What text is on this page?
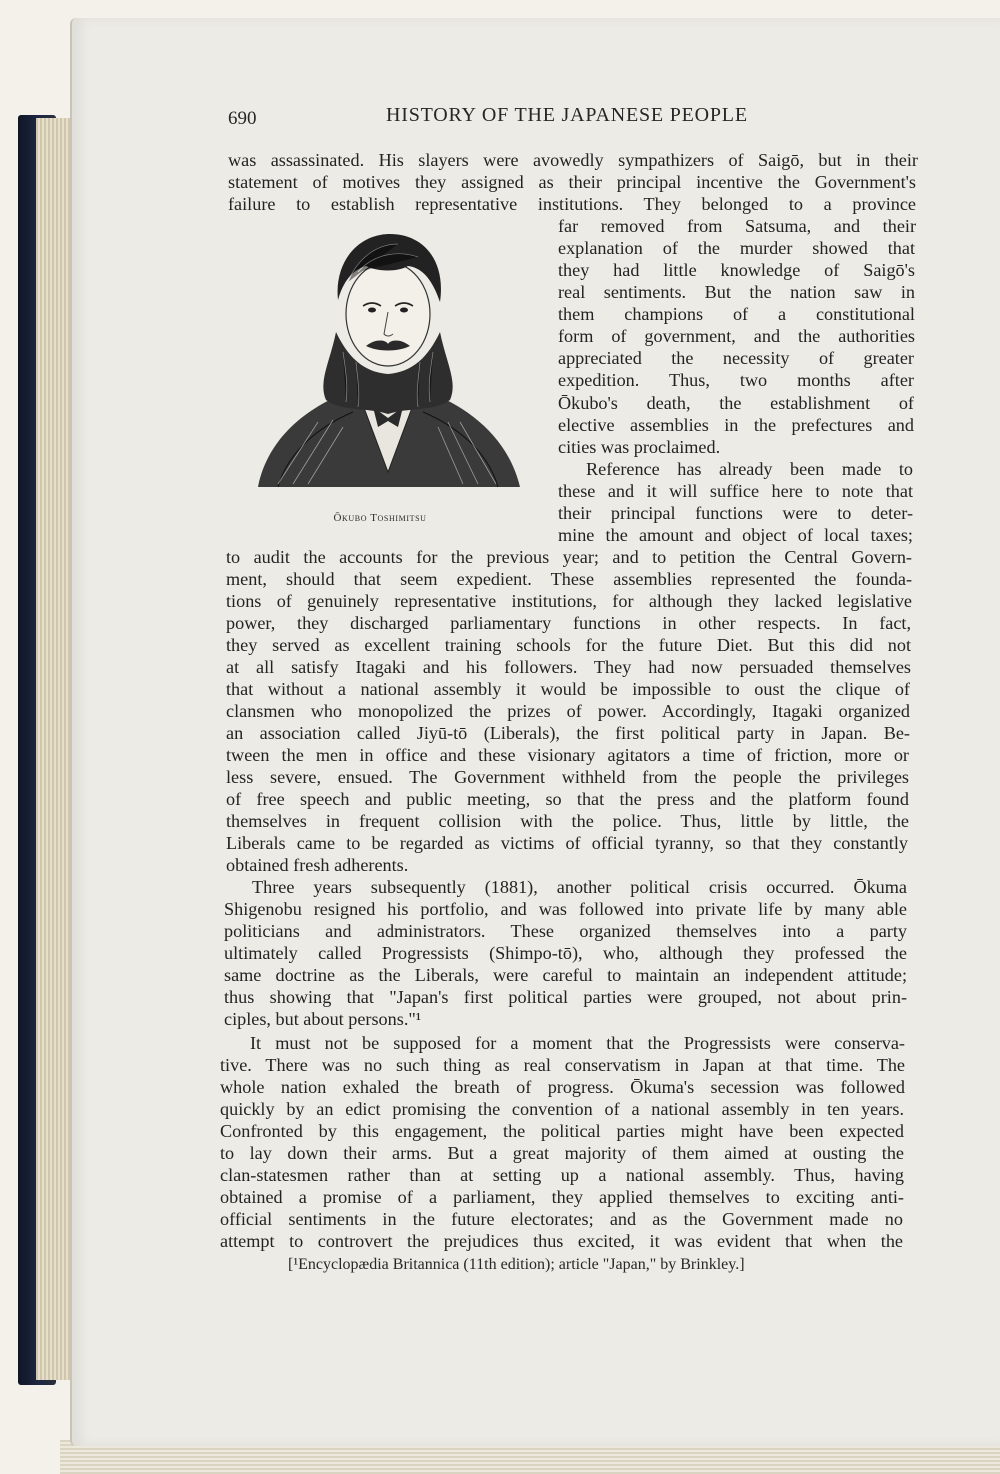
690	HISTORY OF THE JAPANESE PEOPLE
Ōkubo Toshimitsu
was assassinated. His slayers were avowedly sympathizers of Saigō, but in their
statement of motives they assigned as their principal incentive the Government's
failure to establish representative institutions. They belonged to a province
far removed from Satsuma, and their
explanation of the murder showed that
they had little knowledge of Saigō's
real sentiments. But the nation saw in
them champions of a constitutional
form of government, and the authorities
appreciated the necessity of greater
expedition. Thus, two months after
Ōkubo's death, the establishment of
elective assemblies in the prefectures and
cities was proclaimed.
Reference has already been made to
these and it will suffice here to note that
their principal functions were to deter-
mine the amount and object of local taxes;
to audit the accounts for the previous year; and to petition the Central Govern-
ment, should that seem expedient. These assemblies represented the founda-
tions of genuinely representative institutions, for although they lacked legislative
power, they discharged parliamentary functions in other respects. In fact,
they served as excellent training schools for the future Diet. But this did not
at all satisfy Itagaki and his followers. They had now persuaded themselves
that without a national assembly it would be impossible to oust the clique of
clansmen who monopolized the prizes of power. Accordingly, Itagaki organized
an association called Jiyū-tō (Liberals), the first political party in Japan. Be-
tween the men in office and these visionary agitators a time of friction, more or
less severe, ensued. The Government withheld from the people the privileges
of free speech and public meeting, so that the press and the platform found
themselves in frequent collision with the police. Thus, little by little, the
Liberals came to be regarded as victims of official tyranny, so that they constantly
obtained fresh adherents.
Three years subsequently (1881), another political crisis occurred. Ōkuma
Shigenobu resigned his portfolio, and was followed into private life by many able
politicians and administrators. These organized themselves into a party
ultimately called Progressists (Shimpo-tō), who, although they professed the
same doctrine as the Liberals, were careful to maintain an independent attitude;
thus showing that "Japan's first political parties were grouped, not about prin-
ciples, but about persons."¹
It must not be supposed for a moment that the Progressists were conserva-
tive. There was no such thing as real conservatism in Japan at that time. The
whole nation exhaled the breath of progress. Ōkuma's secession was followed
quickly by an edict promising the convention of a national assembly in ten years.
Confronted by this engagement, the political parties might have been expected
to lay down their arms. But a great majority of them aimed at ousting the
clan-statesmen rather than at setting up a national assembly. Thus, having
obtained a promise of a parliament, they applied themselves to exciting anti-
official sentiments in the future electorates; and as the Government made no
attempt to controvert the prejudices thus excited, it was evident that when the
[¹Encyclopædia Britannica (11th edition); article "Japan," by Brinkley.]
